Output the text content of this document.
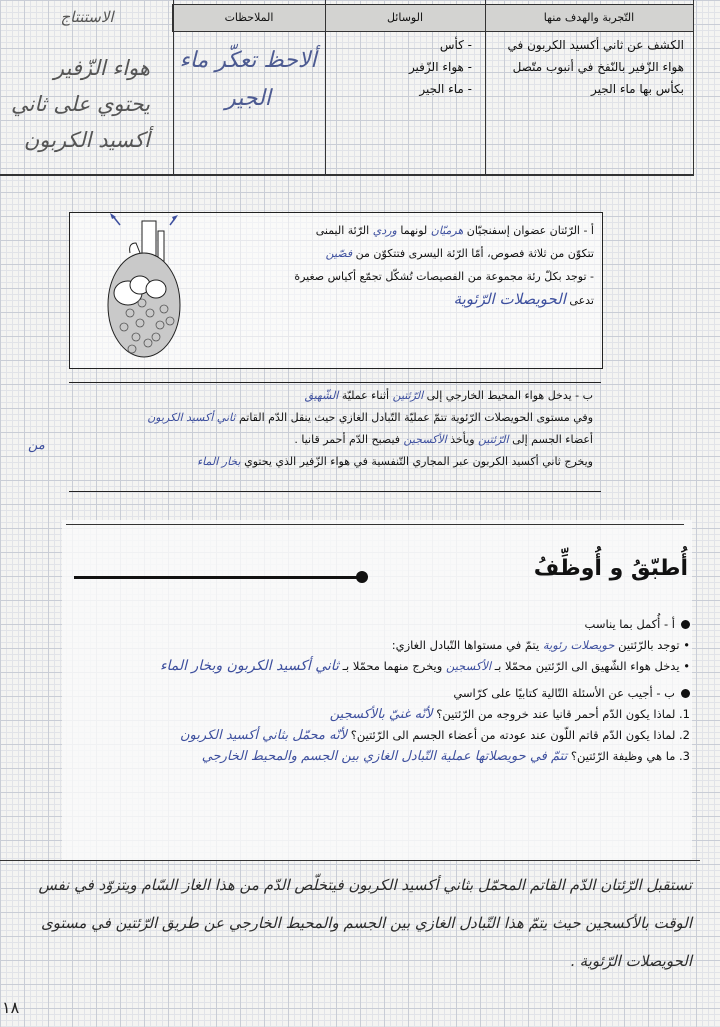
التّجربة والهدف منها
الوسائل
الملاحظات
الاستنتاج
الكشف عن ثاني أكسيد الكربون في هواء الزّفير بالنّفخ في أنبوب متّصل بكأس بها ماء الجير
- كأس
- هواء الزّفير
- ماء الجير
ألاحظ تعكّر ماء الجير
هواء الزّفير يحتوي على ثاني أكسيد الكربون
أ - الرّئتان عضوان إسفنجيّان هرميّان لونهما وردي الرّئة اليمنى
تتكوّن من ثلاثة فصوص، أمّا الرّئة اليسرى فتتكوّن من فصّين
- توجد بكلّ رئة مجموعة من الفصيصات تُشكّل تجمّع أكياس صغيرة
تدعى الحويصلات الرّئوية
ب - يدخل هواء المحيط الخارجي إلى الرّئتين أثناء عمليّة الشّهيق
وفي مستوى الحويصلات الرّئوية تتمّ عمليّة التّبادل الغازي حيث ينقل الدّم القاتم ثاني أكسيد الكربون
أعضاء الجسم إلى الرّئتين ويأخذ الأكسجين فيصبح الدّم أحمر قانيا .
ويخرج ثاني أكسيد الكربون عبر المجاري التّنفسية في هواء الزّفير الذي يحتوي بخار الماء
من
أُطبّقُ و أُوظِّفُ
أ - أُكمل بما يناسب
• توجد بالرّئتين حويصلات رئوية يتمّ في مستواها التّبادل الغازي:
• يدخل هواء الشّهيق الى الرّئتين محمّلا بـ الأكسجين ويخرج منهما محمّلا بـ ثاني أكسيد الكربون وبخار الماء
ب - أجيب عن الأسئلة التّالية كتابيًا على كرّاسي
1. لماذا يكون الدّم أحمر قانيا عند خروجه من الرّئتين؟ لأنّه غنيّ بالأكسجين
2. لماذا يكون الدّم قاتم اللّون عند عودته من أعضاء الجسم الى الرّئتين؟ لأنّه محمّل بثاني أكسيد الكربون
3. ما هي وظيفة الرّئتين؟ تتمّ في حويصلاتها عملية التّبادل الغازي بين الجسم والمحيط الخارجي
تستقبل الرّئتان الدّم القاتم المحمّل بثاني أكسيد الكربون فيتخلّص الدّم من هذا الغاز السّام ويتزوّد في نفس الوقت بالأكسجين حيث يتمّ هذا التّبادل الغازي بين الجسم والمحيط الخارجي عن طريق الرّئتين في مستوى الحويصلات الرّئوية .
١٨
